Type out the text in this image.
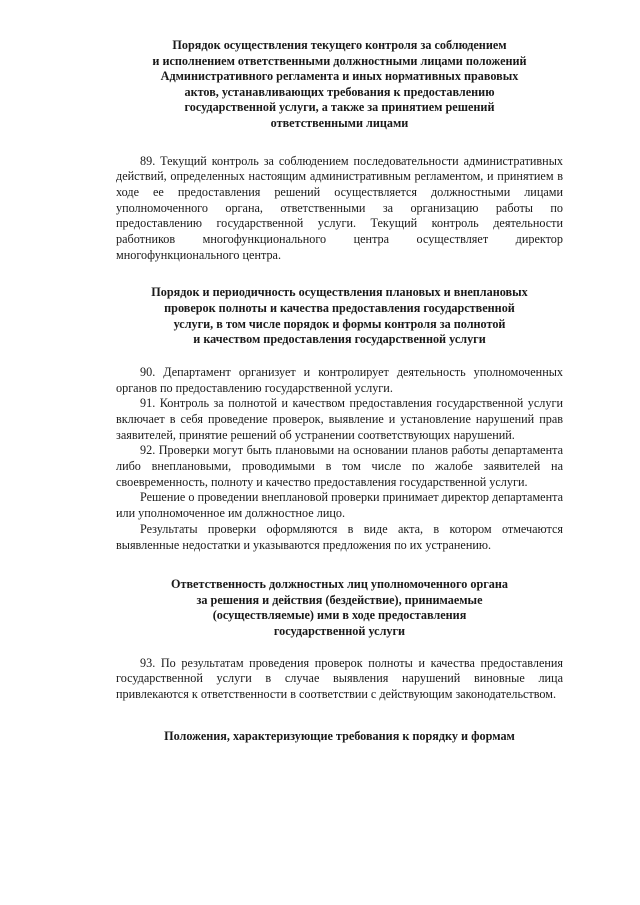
Порядок осуществления текущего контроля за соблюдением
и исполнением ответственными должностными лицами положений
Административного регламента и иных нормативных правовых
актов, устанавливающих требования к предоставлению
государственной услуги, а также за принятием решений
ответственными лицами

89. Текущий контроль за соблюдением последовательности административных действий, определенных настоящим административным регламентом, и принятием в ходе ее предоставления решений осуществляется должностными лицами уполномоченного органа, ответственными за организацию работы по предоставлению государственной услуги. Текущий контроль деятельности работников многофункционального центра осуществляет директор многофункционального центра.

Порядок и периодичность осуществления плановых и внеплановых
проверок полноты и качества предоставления государственной
услуги, в том числе порядок и формы контроля за полнотой
и качеством предоставления государственной услуги

90. Департамент организует и контролирует деятельность уполномоченных органов по предоставлению государственной услуги.

91. Контроль за полнотой и качеством предоставления государственной услуги включает в себя проведение проверок, выявление и установление нарушений прав заявителей, принятие решений об устранении соответствующих нарушений.

92. Проверки могут быть плановыми на основании планов работы департамента либо внеплановыми, проводимыми в том числе по жалобе заявителей на своевременность, полноту и качество предоставления государственной услуги.

Решение о проведении внеплановой проверки принимает директор департамента или уполномоченное им должностное лицо.

Результаты проверки оформляются в виде акта, в котором отмечаются выявленные недостатки и указываются предложения по их устранению.

Ответственность должностных лиц уполномоченного органа
за решения и действия (бездействие), принимаемые
(осуществляемые) ими в ходе предоставления
государственной услуги

93. По результатам проведения проверок полноты и качества предоставления государственной услуги в случае выявления нарушений виновные лица привлекаются к ответственности в соответствии с действующим законодательством.

Положения, характеризующие требования к порядку и формам
